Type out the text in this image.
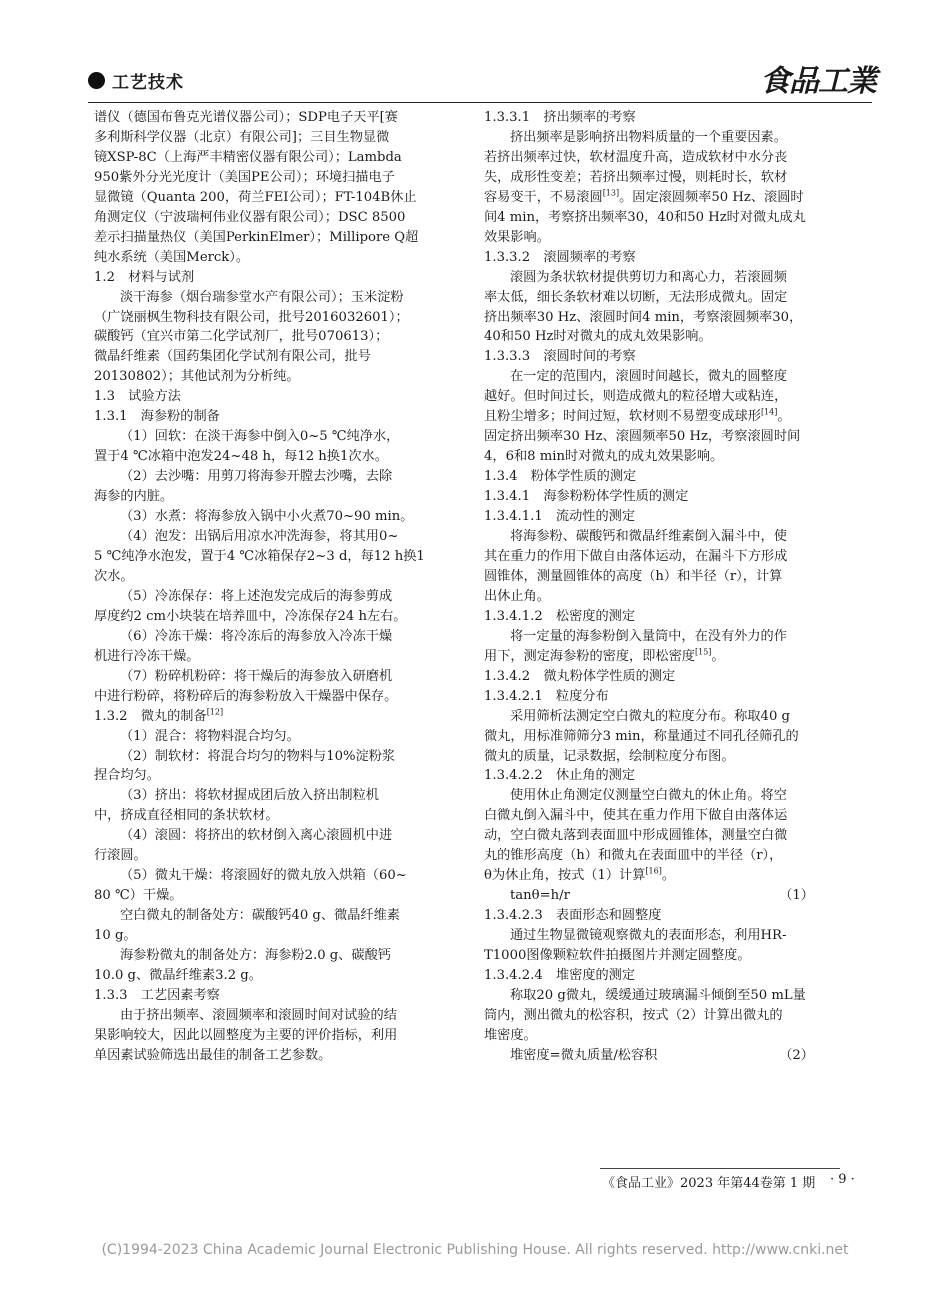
工艺技术	食品工業

谱仪（德国布鲁克光谱仪器公司）；SDP电子天平[赛

多利斯科学仪器（北京）有限公司]；三目生物显微

镜XSP-8C（上海严丰精密仪器有限公司）；Lambda

950紫外分光光度计（美国PE公司）；环境扫描电子

显微镜（Quanta 200，荷兰FEI公司）；FT-104B休止

角测定仪（宁波瑞柯伟业仪器有限公司）；DSC 8500

差示扫描量热仪（美国PerkinElmer）；Millipore Q超

纯水系统（美国Merck）。

1.2　材料与试剂

淡干海参（烟台瑞参堂水产有限公司）；玉米淀粉

（广饶丽枫生物科技有限公司，批号2016032601）；

碳酸钙（宜兴市第二化学试剂厂，批号070613）；

微晶纤维素（国药集团化学试剂有限公司，批号

20130802）；其他试剂为分析纯。

1.3　试验方法

1.3.1　海参粉的制备

（1）回软：在淡干海参中倒入0~5 ℃纯净水，

置于4 ℃冰箱中泡发24~48 h，每12 h换1次水。

（2）去沙嘴：用剪刀将海参开膛去沙嘴，去除

海参的内脏。

（3）水煮：将海参放入锅中小火煮70~90 min。

（4）泡发：出锅后用凉水冲洗海参，将其用0~

5 ℃纯净水泡发，置于4 ℃冰箱保存2~3 d，每12 h换1

次水。

（5）冷冻保存：将上述泡发完成后的海参剪成

厚度约2 cm小块装在培养皿中，冷冻保存24 h左右。

（6）冷冻干燥：将冷冻后的海参放入冷冻干燥

机进行冷冻干燥。

（7）粉碎机粉碎：将干燥后的海参放入研磨机

中进行粉碎，将粉碎后的海参粉放入干燥器中保存。

1.3.2　微丸的制备[12]

（1）混合：将物料混合均匀。

（2）制软材：将混合均匀的物料与10%淀粉浆

捏合均匀。

（3）挤出：将软材握成团后放入挤出制粒机

中，挤成直径相同的条状软材。

（4）滚圆：将挤出的软材倒入离心滚圆机中进

行滚圆。

（5）微丸干燥：将滚圆好的微丸放入烘箱（60~

80 ℃）干燥。

空白微丸的制备处方：碳酸钙40 g、微晶纤维素

10 g。

海参粉微丸的制备处方：海参粉2.0 g、碳酸钙

10.0 g、微晶纤维素3.2 g。

1.3.3　工艺因素考察

由于挤出频率、滚圆频率和滚圆时间对试验的结

果影响较大，因此以圆整度为主要的评价指标，利用

单因素试验筛选出最佳的制备工艺参数。

1.3.3.1　挤出频率的考察

挤出频率是影响挤出物料质量的一个重要因素。

若挤出频率过快，软材温度升高，造成软材中水分丧

失，成形性变差；若挤出频率过慢，则耗时长，软材

容易变干，不易滚圆[13]。固定滚圆频率50 Hz、滚圆时

间4 min，考察挤出频率30，40和50 Hz时对微丸成丸

效果影响。

1.3.3.2　滚圆频率的考察

滚圆为条状软材提供剪切力和离心力，若滚圆频

率太低，细长条软材难以切断，无法形成微丸。固定

挤出频率30 Hz、滚圆时间4 min，考察滚圆频率30，

40和50 Hz时对微丸的成丸效果影响。

1.3.3.3　滚圆时间的考察

在一定的范围内，滚圆时间越长，微丸的圆整度

越好。但时间过长，则造成微丸的粒径增大或粘连，

且粉尘增多；时间过短，软材则不易塑变成球形[14]。

固定挤出频率30 Hz、滚圆频率50 Hz，考察滚圆时间

4，6和8 min时对微丸的成丸效果影响。

1.3.4　粉体学性质的测定

1.3.4.1　海参粉粉体学性质的测定

1.3.4.1.1　流动性的测定

将海参粉、碳酸钙和微晶纤维素倒入漏斗中，使

其在重力的作用下做自由落体运动，在漏斗下方形成

圆锥体，测量圆锥体的高度（h）和半径（r），计算

出休止角。

1.3.4.1.2　松密度的测定

将一定量的海参粉倒入量筒中，在没有外力的作

用下，测定海参粉的密度，即松密度[15]。

1.3.4.2　微丸粉体学性质的测定

1.3.4.2.1　粒度分布

采用筛析法测定空白微丸的粒度分布。称取40 g

微丸，用标准筛筛分3 min，称量通过不同孔径筛孔的

微丸的质量，记录数据，绘制粒度分布图。

1.3.4.2.2　休止角的测定

使用休止角测定仪测量空白微丸的休止角。将空

白微丸倒入漏斗中，使其在重力作用下做自由落体运

动，空白微丸落到表面皿中形成圆锥体，测量空白微

丸的锥形高度（h）和微丸在表面皿中的半径（r），

θ为休止角，按式（1）计算[16]。

tanθ=h/r	（1）

1.3.4.2.3　表面形态和圆整度

通过生物显微镜观察微丸的表面形态，利用HR-

T1000图像颗粒软件拍摄图片并测定圆整度。

1.3.4.2.4　堆密度的测定

称取20 g微丸，缓缓通过玻璃漏斗倾倒至50 mL量

筒内，测出微丸的松容积，按式（2）计算出微丸的

堆密度。

堆密度=微丸质量/松容积	（2）

《食品工业》2023 年第44卷第 1 期 · 9 ·
(C)1994-2023 China Academic Journal Electronic Publishing House. All rights reserved. http://www.cnki.net
